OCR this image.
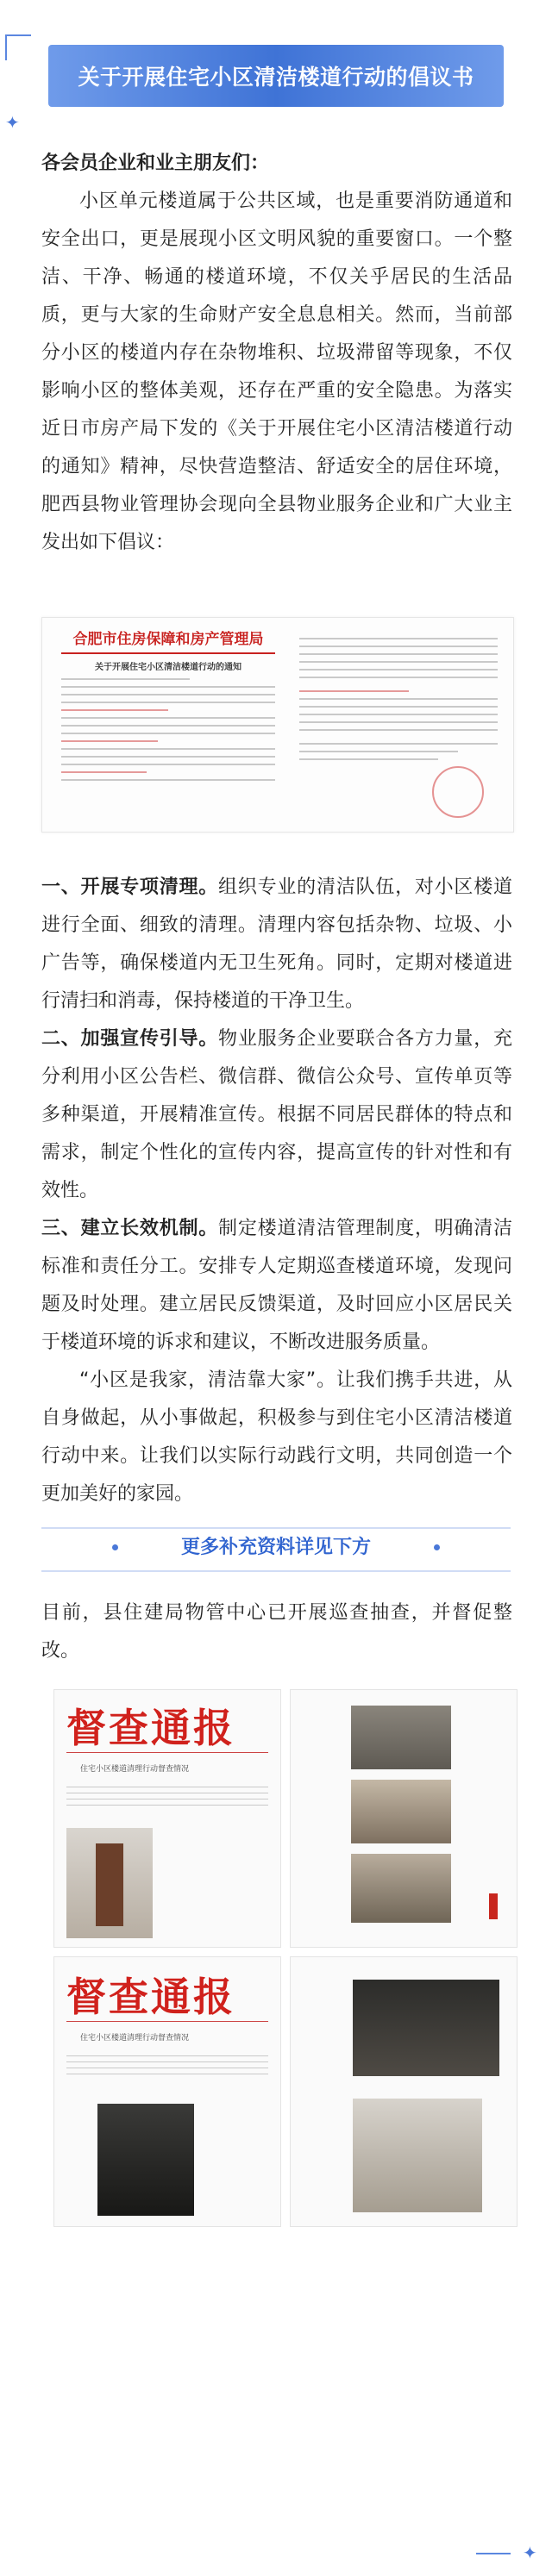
✦
✦
关于开展住宅小区清洁楼道行动的倡议书
各会员企业和业主朋友们：
小区单元楼道属于公共区域，也是重要消防通道和安全出口，更是展现小区文明风貌的重要窗口。一个整洁、干净、畅通的楼道环境，不仅关乎居民的生活品质，更与大家的生命财产安全息息相关。然而，当前部分小区的楼道内存在杂物堆积、垃圾滞留等现象，不仅影响小区的整体美观，还存在严重的安全隐患。为落实近日市房产局下发的《关于开展住宅小区清洁楼道行动的通知》精神，尽快营造整洁、舒适安全的居住环境，肥西县物业管理协会现向全县物业服务企业和广大业主发出如下倡议：
合肥市住房保障和房产管理局
关于开展住宅小区清洁楼道行动的通知
一、开展专项清理。组织专业的清洁队伍，对小区楼道进行全面、细致的清理。清理内容包括杂物、垃圾、小广告等，确保楼道内无卫生死角。同时，定期对楼道进行清扫和消毒，保持楼道的干净卫生。
二、加强宣传引导。物业服务企业要联合各方力量，充分利用小区公告栏、微信群、微信公众号、宣传单页等多种渠道，开展精准宣传。根据不同居民群体的特点和需求，制定个性化的宣传内容，提高宣传的针对性和有效性。
三、建立长效机制。制定楼道清洁管理制度，明确清洁标准和责任分工。安排专人定期巡查楼道环境，发现问题及时处理。建立居民反馈渠道，及时回应小区居民关于楼道环境的诉求和建议，不断改进服务质量。
“小区是我家，清洁靠大家”。让我们携手共进，从自身做起，从小事做起，积极参与到住宅小区清洁楼道行动中来。让我们以实际行动践行文明，共同创造一个更加美好的家园。
更多补充资料详见下方
目前，县住建局物管中心已开展巡查抽查，并督促整改。
督查通报
住宅小区楼道清理行动督查情况
督查通报
住宅小区楼道清理行动督查情况
